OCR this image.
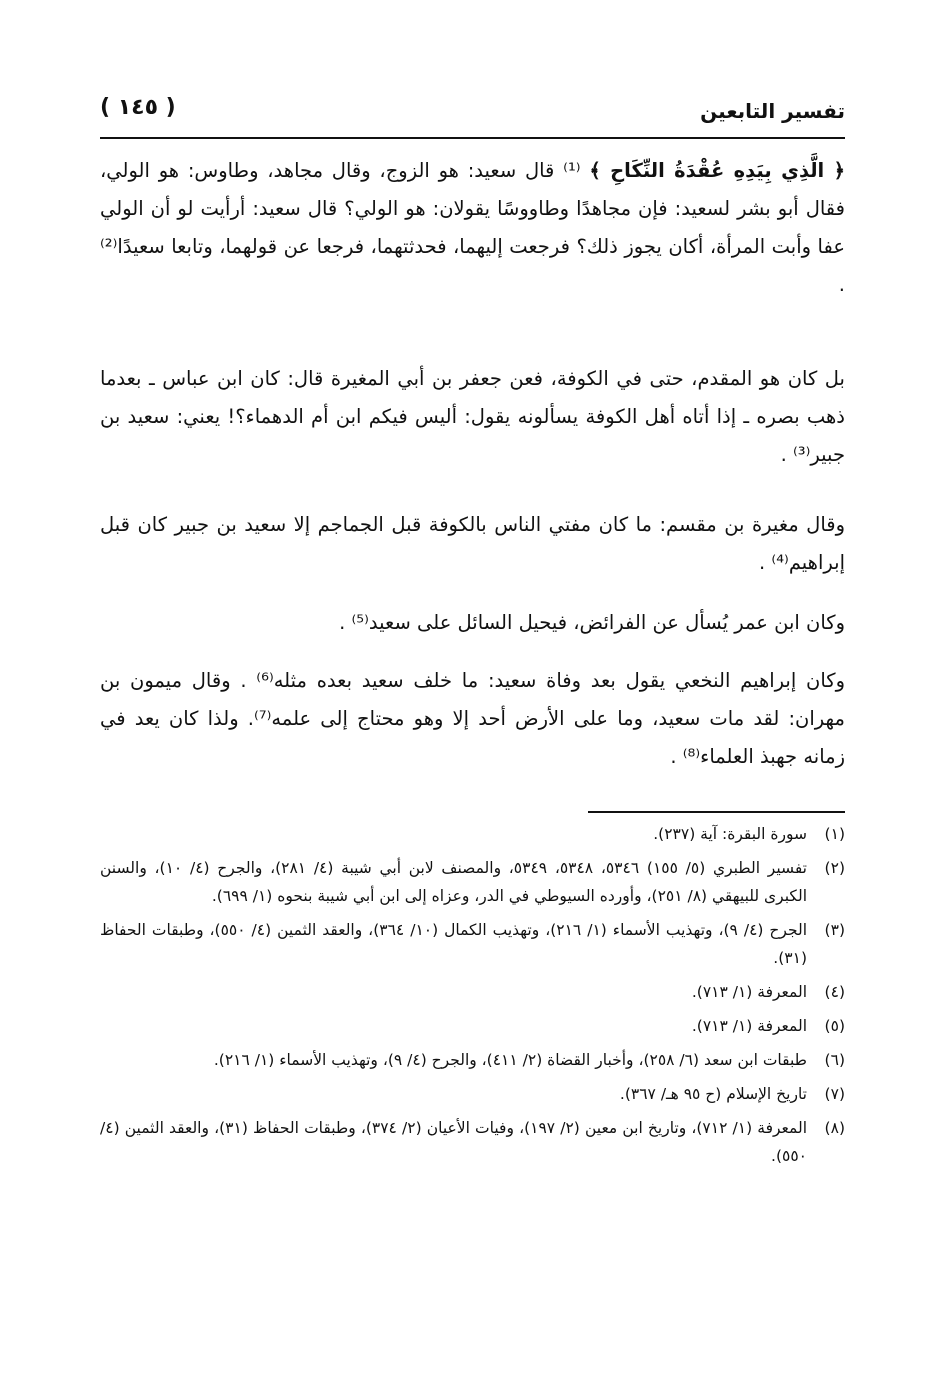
تفسير التابعين
( ١٤٥ )
﴿ الَّذِي بِيَدِهِ عُقْدَةُ النِّكَاحِ ﴾ ⁽¹⁾ قال سعيد: هو الزوج، وقال مجاهد، وطاوس: هو الولي، فقال أبو بشر لسعيد: فإن مجاهدًا وطاووسًا يقولان: هو الولي؟ قال سعيد: أرأيت لو أن الولي عفا وأبت المرأة، أكان يجوز ذلك؟ فرجعت إليهما، فحدثتهما، فرجعا عن قولهما، وتابعا سعيدًا⁽²⁾ .
بل كان هو المقدم، حتى في الكوفة، فعن جعفر بن أبي المغيرة قال: كان ابن عباس ـ بعدما ذهب بصره ـ إذا أتاه أهل الكوفة يسألونه يقول: أليس فيكم ابن أم الدهماء؟! يعني: سعيد بن جبير⁽³⁾ .
وقال مغيرة بن مقسم: ما كان مفتي الناس بالكوفة قبل الجماجم إلا سعيد بن جبير كان قبل إبراهيم⁽⁴⁾ .
وكان ابن عمر يُسأل عن الفرائض، فيحيل السائل على سعيد⁽⁵⁾ .
وكان إبراهيم النخعي يقول بعد وفاة سعيد: ما خلف سعيد بعده مثله⁽⁶⁾ . وقال ميمون بن مهران: لقد مات سعيد، وما على الأرض أحد إلا وهو محتاج إلى علمه⁽⁷⁾. ولذا كان يعد في زمانه جهبذ العلماء⁽⁸⁾ .
(١)
سورة البقرة: آية (٢٣٧).
(٢)
تفسير الطبري (٥/ ١٥٥) ٥٣٤٦، ٥٣٤٨، ٥٣٤٩، والمصنف لابن أبي شيبة (٤/ ٢٨١)، والجرح (٤/ ١٠)، والسنن الكبرى للبيهقي (٨/ ٢٥١)، وأورده السيوطي في الدر، وعزاه إلى ابن أبي شيبة بنحوه (١/ ٦٩٩).
(٣)
الجرح (٤/ ٩)، وتهذيب الأسماء (١/ ٢١٦)، وتهذيب الكمال (١٠/ ٣٦٤)، والعقد الثمين (٤/ ٥٥٠)، وطبقات الحفاظ (٣١).
(٤)
المعرفة (١/ ٧١٣).
(٥)
المعرفة (١/ ٧١٣).
(٦)
طبقات ابن سعد (٦/ ٢٥٨)، وأخبار القضاة (٢/ ٤١١)، والجرح (٤/ ٩)، وتهذيب الأسماء (١/ ٢١٦).
(٧)
تاريخ الإسلام (ح ٩٥ هـ/ ٣٦٧).
(٨)
المعرفة (١/ ٧١٢)، وتاريخ ابن معين (٢/ ١٩٧)، وفيات الأعيان (٢/ ٣٧٤)، وطبقات الحفاظ (٣١)، والعقد الثمين (٤/ ٥٥٠).
